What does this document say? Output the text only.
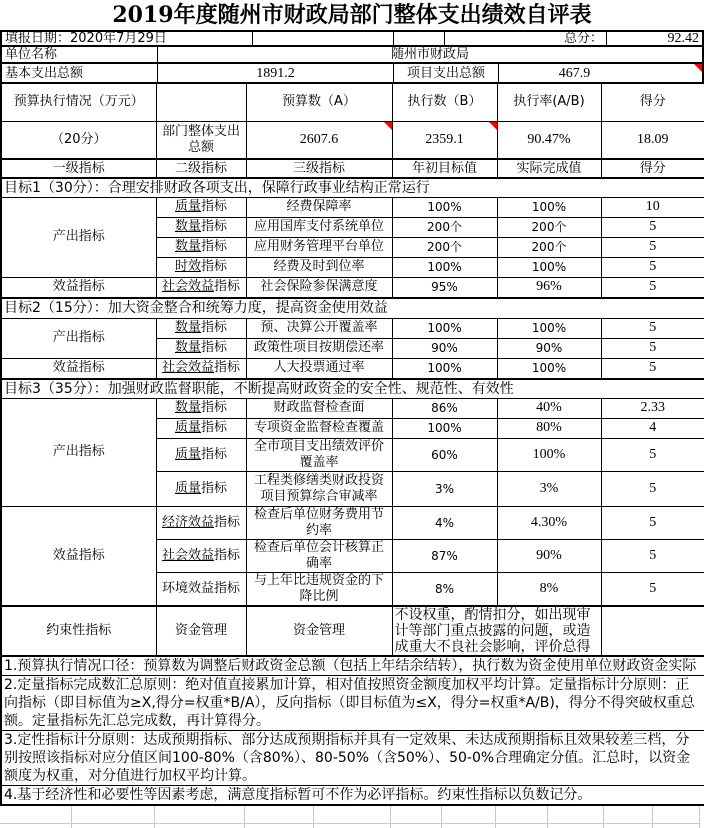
2019年度随州市财政局部门整体支出绩效自评表
填报日期：2020年7月29日	总分：	92.42
单位名称	随州市财政局
基本支出总额	1891.2	项目支出总额	467.9
预算执行情况（万元）		预算数（A）	执行数（B）	执行率(A/B)	得分
（20分）	部门整体支出总额	2607.6	2359.1	90.47%	18.09
一级指标	二级指标	三级指标	年初目标值	实际完成值	得分
目标1（30分）：合理安排财政各项支出，保障行政事业结构正常运行					
产出指标	质量指标	经费保障率	100%	100%	10
	数量指标	应用国库支付系统单位	200个	200个	5
	数量指标	应用财务管理平台单位	200个	200个	5
	时效指标	经费及时到位率	100%	100%	5
效益指标	社会效益指标	社会保险参保满意度	95%	96%	5
目标2（15分）：加大资金整合和统筹力度，提高资金使用效益					
产出指标	数量指标	预、决算公开覆盖率	100%	100%	5
	数量指标	政策性项目按期偿还率	90%	90%	5
效益指标	社会效益指标	人大投票通过率	100%	100%	5
目标3（35分）：加强财政监督职能，不断提高财政资金的安全性、规范性、有效性					
产出指标	数量指标	财政监督检查面	86%	40%	2.33
	质量指标	专项资金监督检查覆盖	100%	80%	4
	质量指标	全市项目支出绩效评价覆盖率	60%	100%	5
	质量指标	工程类修缮类财政投资项目预算综合审减率	3%	3%	5
效益指标	经济效益指标	检查后单位财务费用节约率	4%	4.30%	5
	社会效益指标	检查后单位会计核算正确率	87%	90%	5
	环境效益指标	与上年比违规资金的下降比例	8%	8%	5
约束性指标	资金管理	资金管理	不设权重，酌情扣分，如出现审计等部门重点披露的问题，或造成重大不良社会影响，评价总得		
1.预算执行情况口径：预算数为调整后财政资金总额（包括上年结余结转），执行数为资金使用单位财政资金实际					
2.定量指标完成数汇总原则：绝对值直接累加计算，相对值按照资金额度加权平均计算。定量指标计分原则：正向指标（即目标值为≥X,得分=权重*B/A），反向指标（即目标值为≤X，得分=权重*A/B)，得分不得突破权重总额。定量指标先汇总完成数，再计算得分。					
3.定性指标计分原则：达成预期指标、部分达成预期指标并具有一定效果、未达成预期指标且效果较差三档，分别按照该指标对应分值区间100-80%（含80%）、80-50%（含50%）、50-0%合理确定分值。汇总时，以资金额度为权重，对分值进行加权平均计算。					
4.基于经济性和必要性等因素考虑，满意度指标暂可不作为必评指标。约束性指标以负数记分。					
